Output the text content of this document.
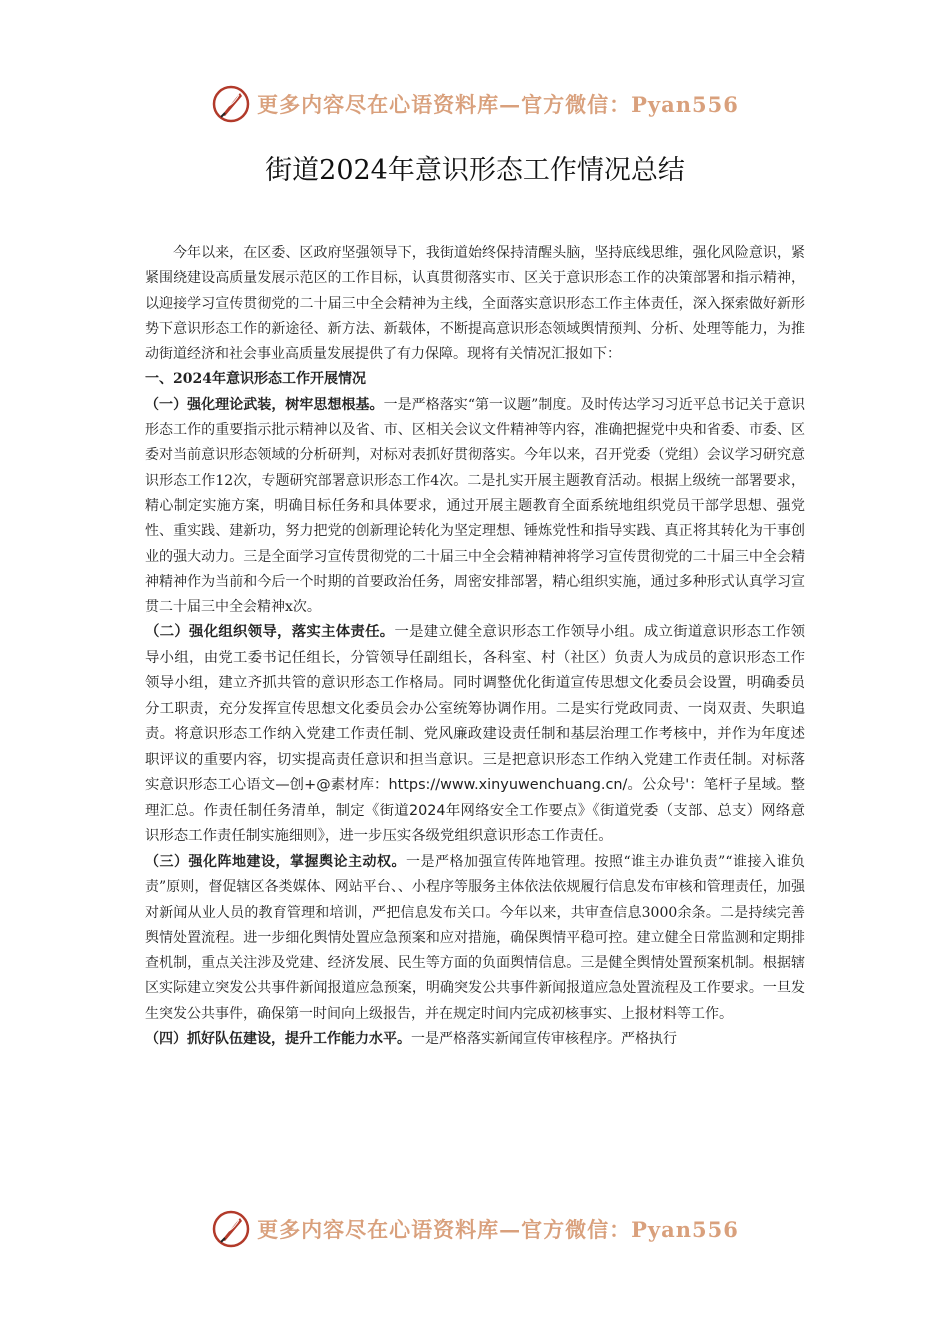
更多内容尽在心语资料库—官方微信：Pyan556
街道2024年意识形态工作情况总结

今年以来，在区委、区政府坚强领导下，我街道始终保持清醒头脑，坚持底线思维，强化风险意识，紧紧围绕建设高质量发展示范区的工作目标，认真贯彻落实市、区关于意识形态工作的决策部署和指示精神，以迎接学习宣传贯彻党的二十届三中全会精神为主线，全面落实意识形态工作主体责任，深入探索做好新形势下意识形态工作的新途径、新方法、新载体，不断提高意识形态领域舆情预判、分析、处理等能力，为推动街道经济和社会事业高质量发展提供了有力保障。现将有关情况汇报如下：

一、2024年意识形态工作开展情况

（一）强化理论武装，树牢思想根基。一是严格落实“第一议题”制度。及时传达学习习近平总书记关于意识形态工作的重要指示批示精神以及省、市、区相关会议文件精神等内容，准确把握党中央和省委、市委、区委对当前意识形态领域的分析研判，对标对表抓好贯彻落实。今年以来，召开党委（党组）会议学习研究意识形态工作12次，专题研究部署意识形态工作4次。二是扎实开展主题教育活动。根据上级统一部署要求，精心制定实施方案，明确目标任务和具体要求，通过开展主题教育全面系统地组织党员干部学思想、强党性、重实践、建新功，努力把党的创新理论转化为坚定理想、锤炼党性和指导实践、真正将其转化为干事创业的强大动力。三是全面学习宣传贯彻党的二十届三中全会精神精神将学习宣传贯彻党的二十届三中全会精神精神作为当前和今后一个时期的首要政治任务，周密安排部署，精心组织实施，通过多种形式认真学习宣贯二十届三中全会精神x次。

（二）强化组织领导，落实主体责任。一是建立健全意识形态工作领导小组。成立街道意识形态工作领导小组，由党工委书记任组长，分管领导任副组长，各科室、村（社区）负责人为成员的意识形态工作领导小组，建立齐抓共管的意识形态工作格局。同时调整优化街道宣传思想文化委员会设置，明确委员分工职责，充分发挥宣传思想文化委员会办公室统筹协调作用。二是实行党政同责、一岗双责、失职追责。将意识形态工作纳入党建工作责任制、党风廉政建设责任制和基层治理工作考核中，并作为年度述职评议的重要内容，切实提高责任意识和担当意识。三是把意识形态工作纳入党建工作责任制。对标落实意识形态工心语文—创+@素材库：https://www.xinyuwenchuang.cn/。公众号'：笔杆子星域。整理汇总。作责任制任务清单，制定《街道2024年网络安全工作要点》《街道党委（支部、总支）网络意识形态工作责任制实施细则》，进一步压实各级党组织意识形态工作责任。

（三）强化阵地建设，掌握舆论主动权。一是严格加强宣传阵地管理。按照“谁主办谁负责”“谁接入谁负责”原则，督促辖区各类媒体、网站平台、、小程序等服务主体依法依规履行信息发布审核和管理责任，加强对新闻从业人员的教育管理和培训，严把信息发布关口。今年以来，共审查信息3000余条。二是持续完善舆情处置流程。进一步细化舆情处置应急预案和应对措施，确保舆情平稳可控。建立健全日常监测和定期排查机制，重点关注涉及党建、经济发展、民生等方面的负面舆情信息。三是健全舆情处置预案机制。根据辖区实际建立突发公共事件新闻报道应急预案，明确突发公共事件新闻报道应急处置流程及工作要求。一旦发生突发公共事件，确保第一时间向上级报告，并在规定时间内完成初核事实、上报材料等工作。

（四）抓好队伍建设，提升工作能力水平。一是严格落实新闻宣传审核程序。严格执行

更多内容尽在心语资料库—官方微信：Pyan556
